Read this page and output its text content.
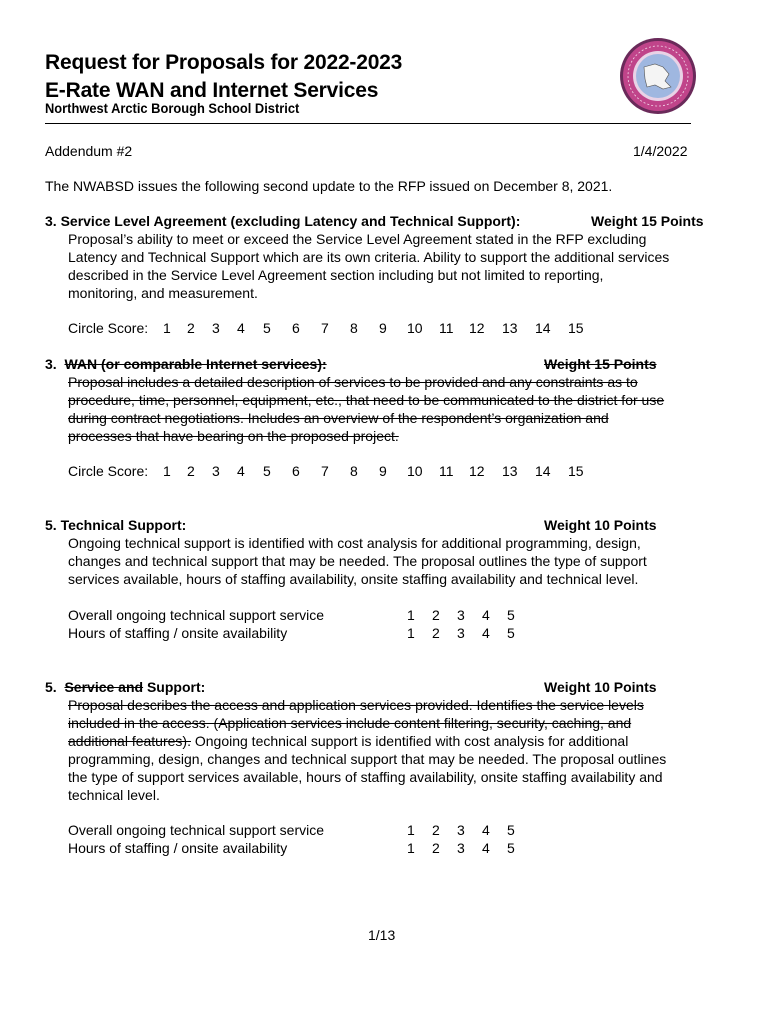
Request for Proposals for 2022-2023
E-Rate WAN and Internet Services
Northwest Arctic Borough School District
Addendum #2	1/4/2022
The NWABSD issues the following second update to the RFP issued on December 8, 2021.
3. Service Level Agreement (excluding Latency and Technical Support):	Weight 15 Points
Proposal’s ability to meet or exceed the Service Level Agreement stated in the RFP excluding
Latency and Technical Support which are its own criteria. Ability to support the additional services
described in the Service Level Agreement section including but not limited to reporting,
monitoring, and measurement.
Circle Score: 1 2 3 4 5 6 7 8 9 10 11 12 13 14 15
3. WAN (or comparable Internet services):	Weight 15 Points
Proposal includes a detailed description of services to be provided and any constraints as to
procedure, time, personnel, equipment, etc., that need to be communicated to the district for use
during contract negotiations. Includes an overview of the respondent’s organization and
processes that have bearing on the proposed project.
Circle Score: 1 2 3 4 5 6 7 8 9 10 11 12 13 14 15
5. Technical Support:	Weight 10 Points
Ongoing technical support is identified with cost analysis for additional programming, design,
changes and technical support that may be needed. The proposal outlines the type of support
services available, hours of staffing availability, onsite staffing availability and technical level.
Overall ongoing technical support service	1 2 3 4 5
Hours of staffing / onsite availability	1 2 3 4 5
5. Service and Support:	Weight 10 Points
Proposal describes the access and application services provided. Identifies the service levels
included in the access. (Application services include content filtering, security, caching, and
additional features). Ongoing technical support is identified with cost analysis for additional
programming, design, changes and technical support that may be needed. The proposal outlines
the type of support services available, hours of staffing availability, onsite staffing availability and
technical level.
Overall ongoing technical support service	1 2 3 4 5
Hours of staffing / onsite availability	1 2 3 4 5
1/13
